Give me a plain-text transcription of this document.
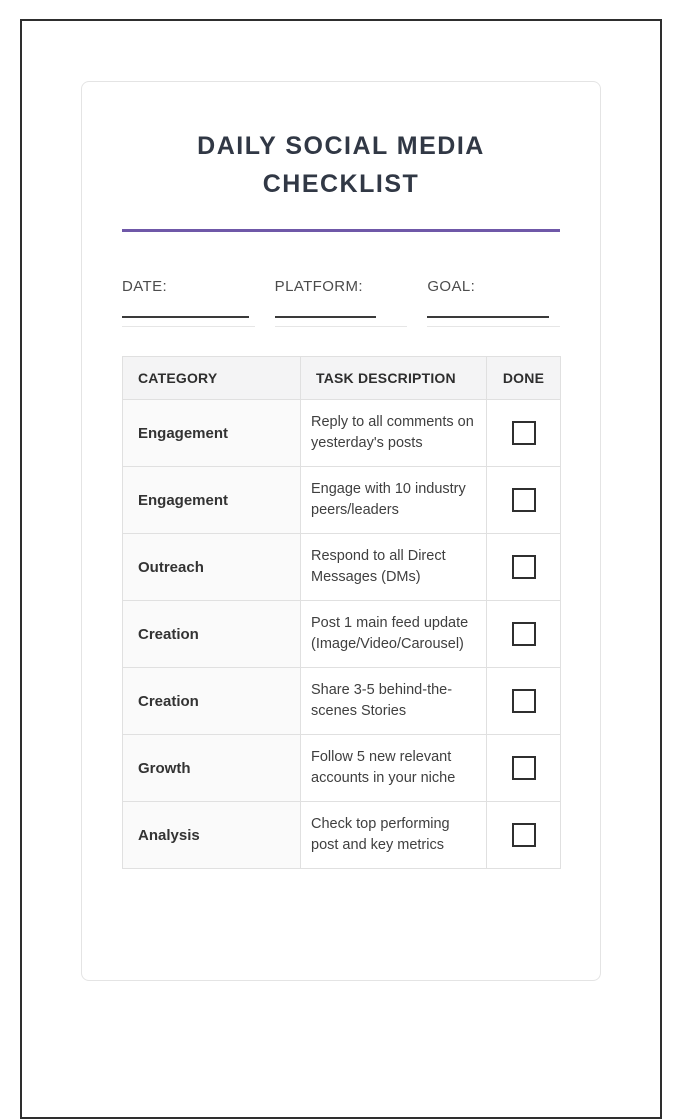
DAILY SOCIAL MEDIA CHECKLIST
DATE:	PLATFORM:	GOAL:
CATEGORY	TASK DESCRIPTION	DONE
Engagement	Reply to all comments on yesterday's posts	

Engagement	Engage with 10 industry peers/leaders	

Outreach	Respond to all Direct Messages (DMs)	

Creation	Post 1 main feed update (Image/Video/Carousel)	

Creation	Share 3-5 behind-the-scenes Stories	

Growth	Follow 5 new relevant accounts in your niche	

Analysis	Check top performing post and key metrics	
